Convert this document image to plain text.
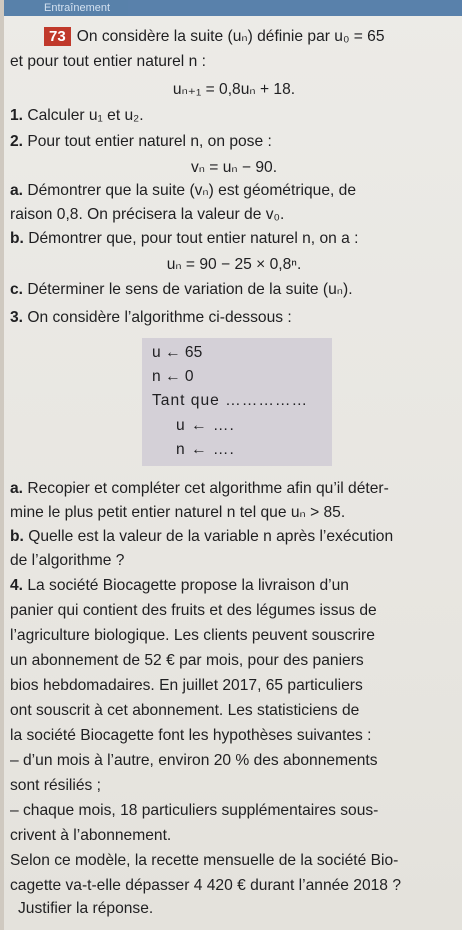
Entraînement
73 On considère la suite (uₙ) définie par u₀ = 65
et pour tout entier naturel n :
uₙ₊₁ = 0,8uₙ + 18.
1. Calculer u₁ et u₂.
2. Pour tout entier naturel n, on pose :
vₙ = uₙ − 90.
a. Démontrer que la suite (vₙ) est géométrique, de
raison 0,8. On précisera la valeur de v₀.
b. Démontrer que, pour tout entier naturel n, on a :
uₙ = 90 − 25 × 0,8ⁿ.
c. Déterminer le sens de variation de la suite (uₙ).
3. On considère l’algorithme ci-dessous :
u ← 65
n ← 0
Tant que ……………
u ← ….
n ← ….
a. Recopier et compléter cet algorithme afin qu’il déter-
mine le plus petit entier naturel n tel que uₙ > 85.
b. Quelle est la valeur de la variable n après l’exécution
de l’algorithme ?
4. La société Biocagette propose la livraison d’un
panier qui contient des fruits et des légumes issus de
l’agriculture biologique. Les clients peuvent souscrire
un abonnement de 52 € par mois, pour des paniers
bios hebdomadaires. En juillet 2017, 65 particuliers
ont souscrit à cet abonnement. Les statisticiens de
la société Biocagette font les hypothèses suivantes :
– d’un mois à l’autre, environ 20 % des abonnements
sont résiliés ;
– chaque mois, 18 particuliers supplémentaires sous-
crivent à l’abonnement.
Selon ce modèle, la recette mensuelle de la société Bio-
cagette va-t-elle dépasser 4 420 € durant l’année 2018 ?
Justifier la réponse.
